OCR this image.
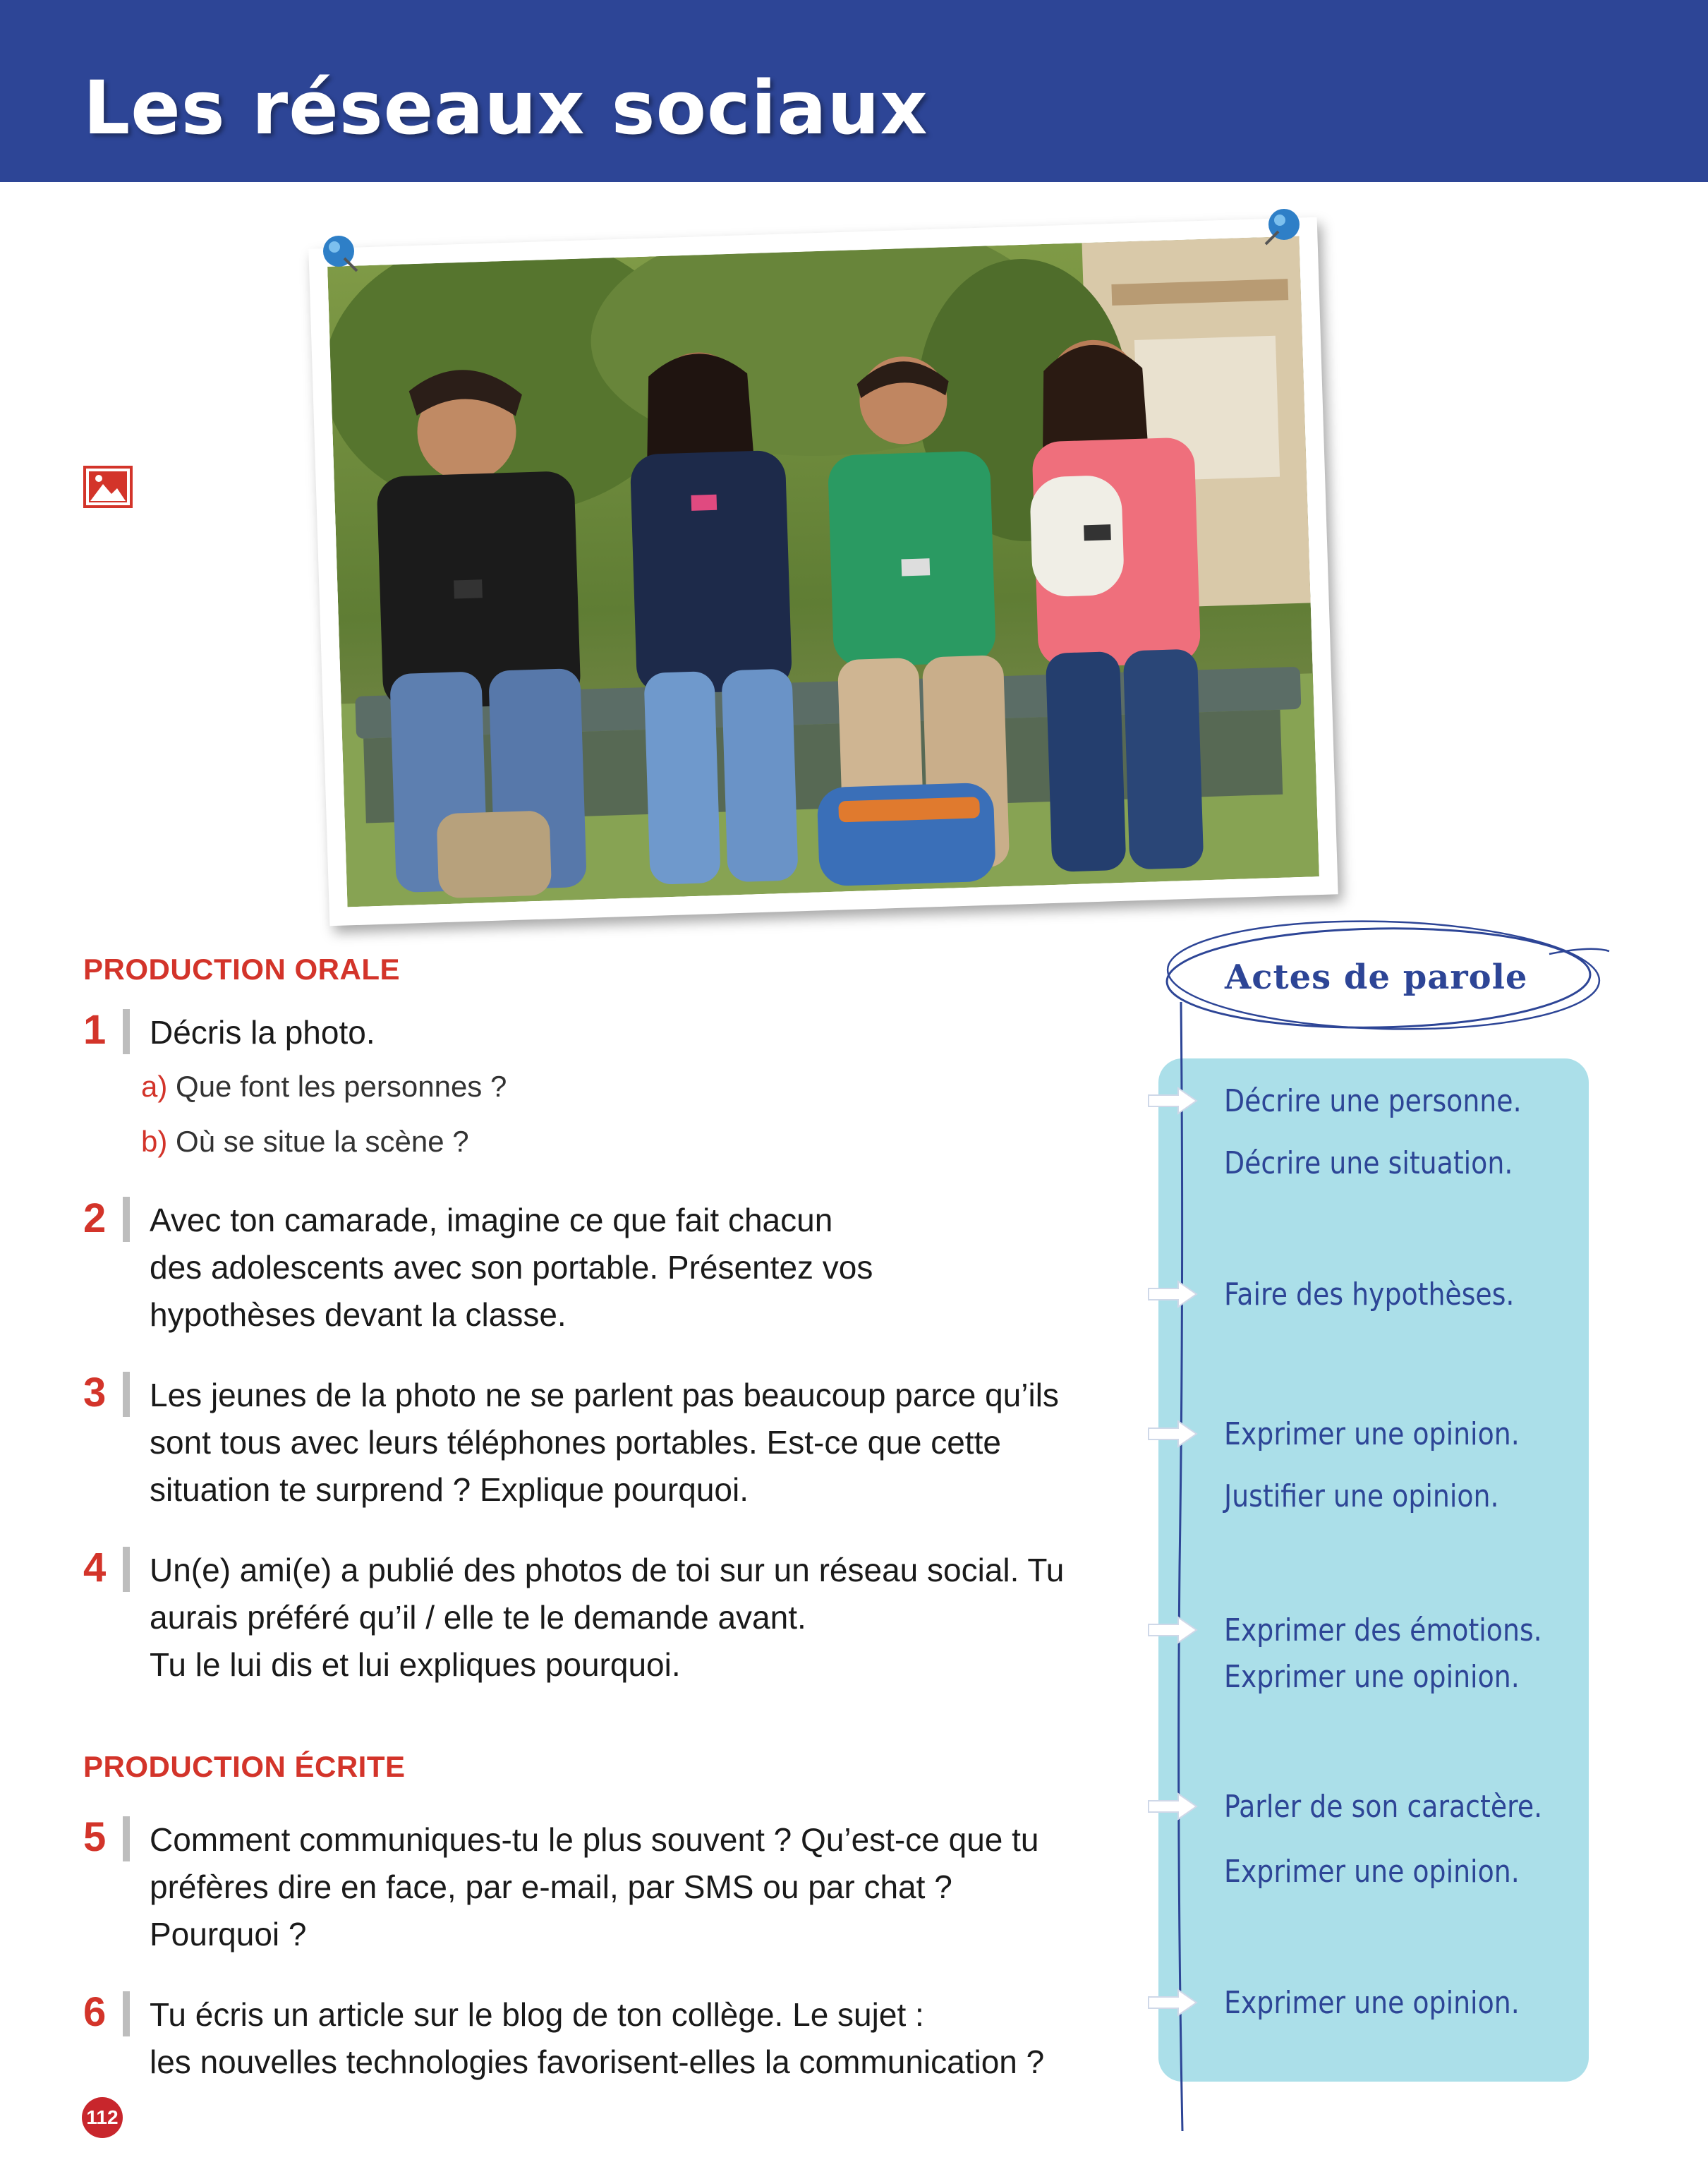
Les réseaux sociaux
PRODUCTION ORALE
1	Décris la photo.
a) Que font les personnes ?
b) Où se situe la scène ?
2	Avec ton camarade, imagine ce que fait chacun
des adolescents avec son portable. Présentez vos
hypothèses devant la classe.
3	Les jeunes de la photo ne se parlent pas beaucoup parce qu’ils
sont tous avec leurs téléphones portables. Est-ce que cette
situation te surprend ? Explique pourquoi.
4	Un(e) ami(e) a publié des photos de toi sur un réseau social. Tu
aurais préféré qu’il / elle te le demande avant.
Tu le lui dis et lui expliques pourquoi.
PRODUCTION ÉCRITE
5	Comment communiques-tu le plus souvent ? Qu’est-ce que tu
préfères dire en face, par e-mail, par SMS ou par chat ?
Pourquoi ?
6	Tu écris un article sur le blog de ton collège. Le sujet :
les nouvelles technologies favorisent-elles la communication ?
Actes de parole
Décrire une personne.
Décrire une situation.
Faire des hypothèses.
Exprimer une opinion.
Justifier une opinion.
Exprimer des émotions.
Exprimer une opinion.
Parler de son caractère.
Exprimer une opinion.
Exprimer une opinion.
112
